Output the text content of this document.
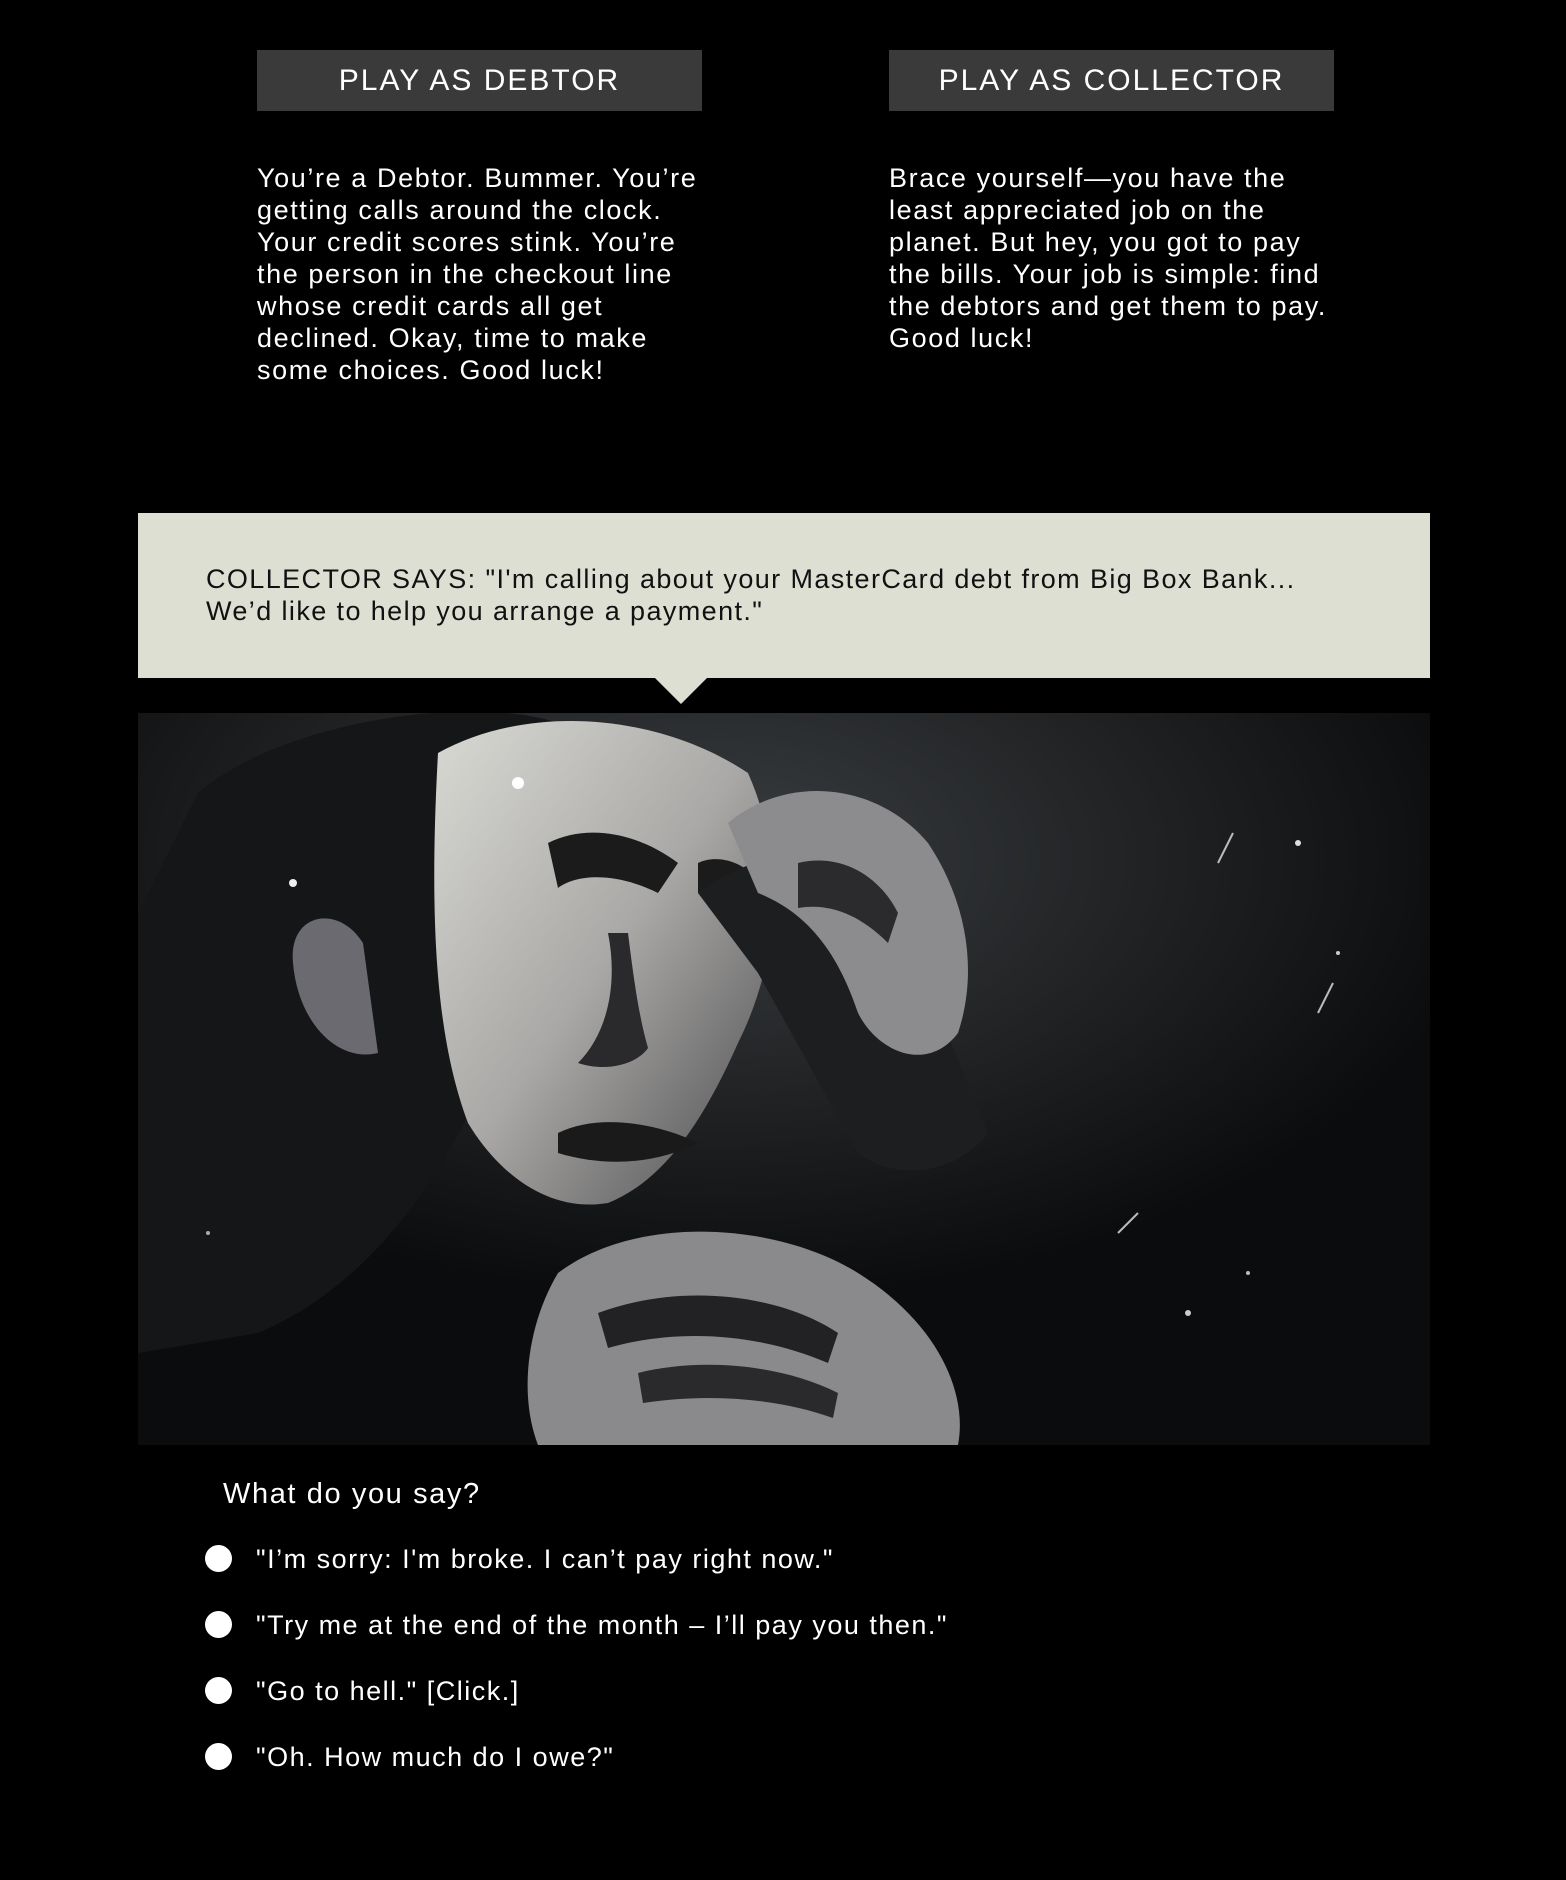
PLAY AS DEBTOR	PLAY AS COLLECTOR

You’re a Debtor. Bummer. You’re getting calls around the clock. Your credit scores stink. You’re the person in the checkout line whose credit cards all get declined. Okay, time to make some choices. Good luck!

Brace yourself—you have the least appreciated job on the planet. But hey, you got to pay the bills. Your job is simple: find the debtors and get them to pay. Good luck!

COLLECTOR SAYS: "I'm calling about your MasterCard debt from Big Box Bank... We’d like to help you arrange a payment."
What do you say?
"I’m sorry: I'm broke. I can’t pay right now."
"Try me at the end of the month – I’ll pay you then."
"Go to hell." [Click.]
"Oh. How much do I owe?"
